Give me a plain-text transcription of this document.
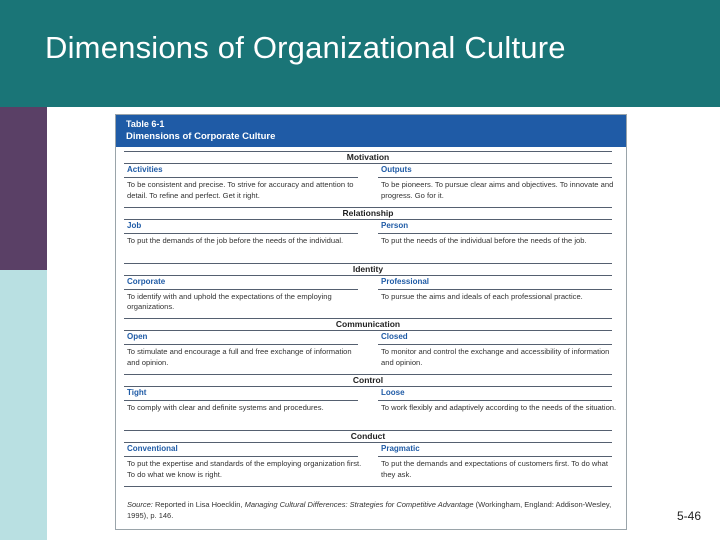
Dimensions of Organizational Culture
Table 6-1
Dimensions of Corporate Culture
Motivation
Activities
To be consistent and precise. To strive for accuracy and attention to detail. To refine and perfect. Get it right.
Outputs
To be pioneers. To pursue clear aims and objectives. To innovate and progress. Go for it.
Relationship
Job
To put the demands of the job before the needs of the individual.
Person
To put the needs of the individual before the needs of the job.
Identity
Corporate
To identify with and uphold the expectations of the employing organizations.
Professional
To pursue the aims and ideals of each professional practice.
Communication
Open
To stimulate and encourage a full and free exchange of information and opinion.
Closed
To monitor and control the exchange and accessibility of information and opinion.
Control
Tight
To comply with clear and definite systems and procedures.
Loose
To work flexibly and adaptively according to the needs of the situation.
Conduct
Conventional
To put the expertise and standards of the employing organization first. To do what we know is right.
Pragmatic
To put the demands and expectations of customers first. To do what they ask.
Source: Reported in Lisa Hoecklin, Managing Cultural Differences: Strategies for Competitive Advantage (Workingham, England: Addison-Wesley, 1995), p. 146.	5-46
